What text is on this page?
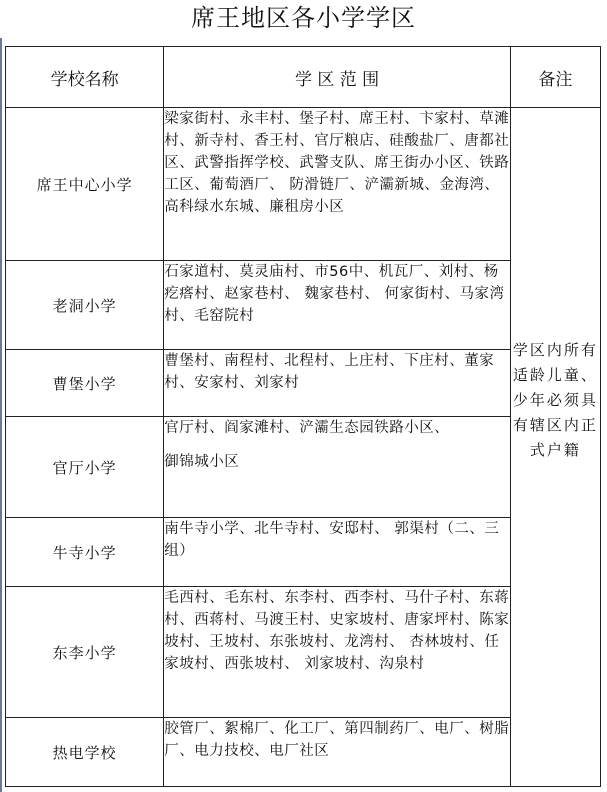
席王地区各小学学区
学校名称	学 区 范 围	备注
席王中心小学	梁家街村、永丰村、堡子村、席王村、卞家村、草滩村、新寺村、香王村、官厅粮店、硅酸盐厂、唐都社区、武警指挥学校、武警支队、席王街办小区、铁路工区、葡萄酒厂、 防滑链厂、浐灞新城、金海湾、高科绿水东城、廉租房小区	学区内所有适龄儿童、少年必须具有辖区内正式户籍

老洞小学	石家道村、莫灵庙村、市56中、机瓦厂、刘村、杨疙瘩村、赵家巷村、 魏家巷村、 何家街村、马家湾村、毛窑院村	

曹堡小学	曹堡村、南程村、北程村、上庄村、下庄村、董家村、安家村、刘家村	

官厅小学	官厅村、阎家滩村、浐灞生态园铁路小区、
御锦城小区	

牛寺小学	南牛寺小学、北牛寺村、安邸村、 郭渠村（二、三组）	

东李小学	毛西村、毛东村、东李村、西李村、马什子村、东蒋村、西蒋村、马渡王村、史家坡村、唐家坪村、陈家坡村、王坡村、东张坡村、龙湾村、 杏林坡村、任家坡村、西张坡村、 刘家坡村、沟泉村	

热电学校	胶管厂、絮棉厂、化工厂、第四制药厂、电厂、树脂厂、电力技校、电厂社区	
